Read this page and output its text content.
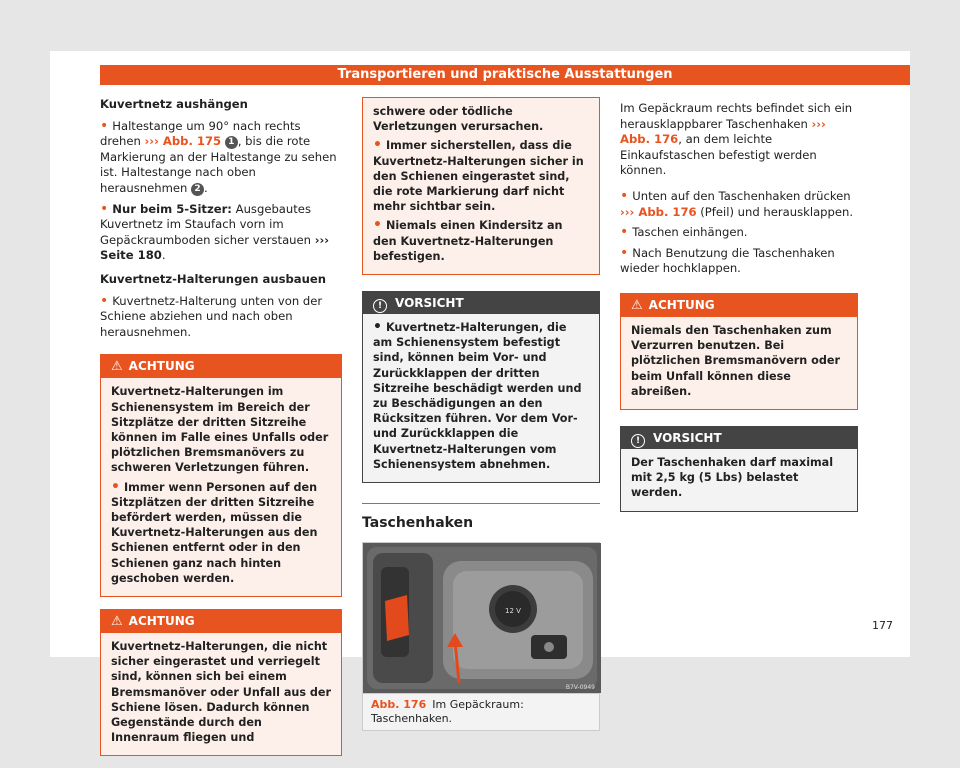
Transportieren und praktische Ausstattungen
Kuvertnetz aushängen

• Haltestange um 90° nach rechts drehen ››› Abb. 175 1 , bis die rote Markierung an der Haltestange zu sehen ist. Haltestange nach oben herausnehmen 2 .

• Nur beim 5-Sitzer: Ausgebautes Kuvertnetz im Staufach vorn im Gepäckraumboden sicher verstauen ››› Seite 180.

Kuvertnetz-Halterungen ausbauen

• Kuvertnetz-Halterung unten von der Schiene abziehen und nach oben herausnehmen.

⚠ ACHTUNG

Kuvertnetz-Halterungen im Schienensystem im Bereich der Sitzplätze der dritten Sitzreihe können im Falle eines Unfalls oder plötzlichen Bremsmanövers zu schweren Verletzungen führen.

• Immer wenn Personen auf den Sitzplätzen der dritten Sitzreihe befördert werden, müssen die Kuvertnetz-Halterungen aus den Schienen entfernt oder in den Schienen ganz nach hinten geschoben werden.

⚠ ACHTUNG

Kuvertnetz-Halterungen, die nicht sicher eingerastet und verriegelt sind, können sich bei einem Bremsmanöver oder Unfall aus der Schiene lösen. Dadurch können Gegenstände durch den Innenraum fliegen und

schwere oder tödliche Verletzungen verursachen.

• Immer sicherstellen, dass die Kuvertnetz-Halterungen sicher in den Schienen eingerastet sind, die rote Markierung darf nicht mehr sichtbar sein.

• Niemals einen Kindersitz an den Kuvertnetz-Halterungen befestigen.

! VORSICHT

• Kuvertnetz-Halterungen, die am Schienensystem befestigt sind, können beim Vor- und Zurückklappen der dritten Sitzreihe beschädigt werden und zu Beschädigungen an den Rücksitzen führen. Vor dem Vor- und Zurückklappen die Kuvertnetz-Halterungen vom Schienensystem abnehmen.

Taschenhaken
12 V
B7V-0949
Abb. 176 Im Gepäckraum: Taschenhaken.

Im Gepäckraum rechts befindet sich ein herausklappbarer Taschenhaken ››› Abb. 176, an dem leichte Einkaufstaschen befestigt werden können.

• Unten auf den Taschenhaken drücken ››› Abb. 176 (Pfeil) und herausklappen.

• Taschen einhängen.

• Nach Benutzung die Taschenhaken wieder hochklappen.

⚠ ACHTUNG

Niemals den Taschenhaken zum Verzurren benutzen. Bei plötzlichen Bremsmanövern oder beim Unfall können diese abreißen.

! VORSICHT

Der Taschenhaken darf maximal mit 2,5 kg (5 Lbs) belastet werden.

177
